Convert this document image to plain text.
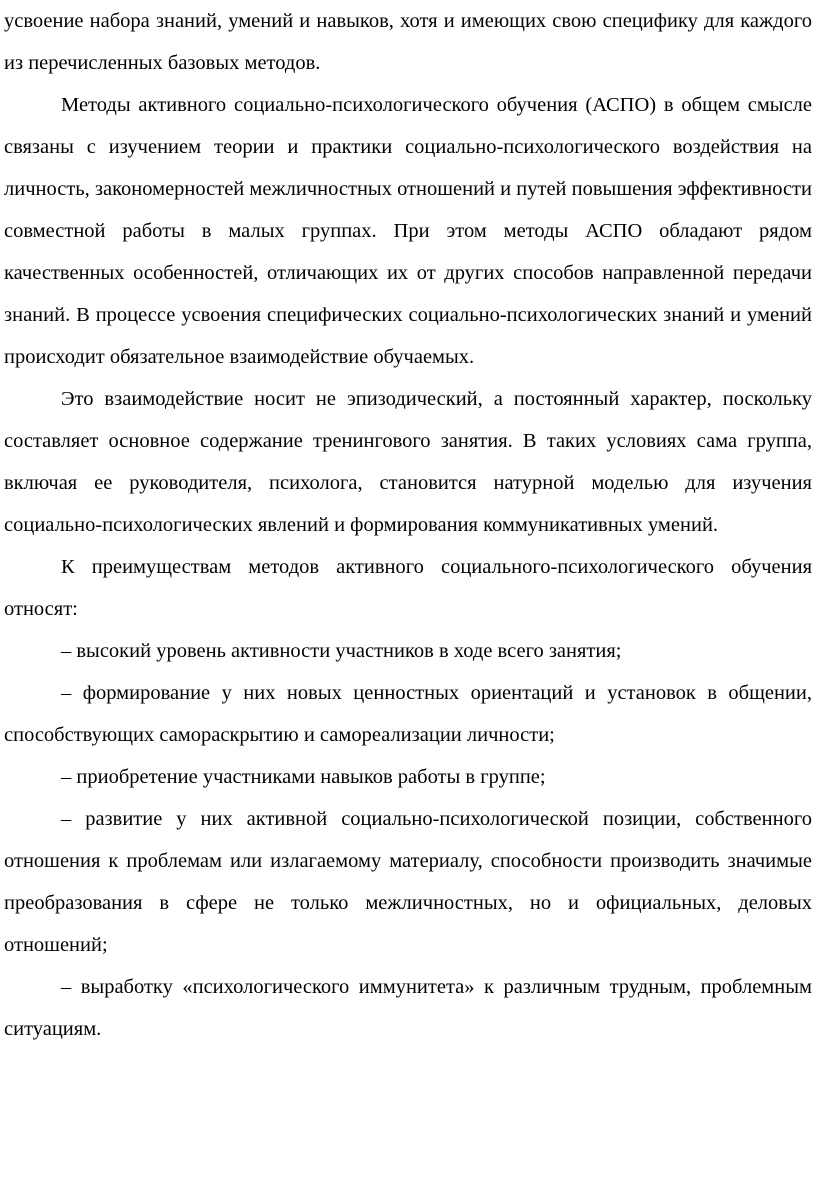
усвоение набора знаний, умений и навыков, хотя и имеющих свою специфику для каждого из перечисленных базовых методов.

Методы активного социально-психологического обучения (АСПО) в общем смысле связаны с изучением теории и практики социально-психологического воздействия на личность, закономерностей межличностных отношений и путей повышения эффективности совместной работы в малых группах. При этом методы АСПО обладают рядом качественных особенностей, отличающих их от других способов направленной передачи знаний. В процессе усвоения специфических социально-психологических знаний и умений происходит обязательное взаимодействие обучаемых.

Это взаимодействие носит не эпизодический, а постоянный характер, поскольку составляет основное содержание тренингового занятия. В таких условиях сама группа, включая ее руководителя, психолога, становится натурной моделью для изучения социально-психологических явлений и формирования коммуникативных умений.

К преимуществам методов активного социального-психологического обучения относят:

– высокий уровень активности участников в ходе всего занятия;

– формирование у них новых ценностных ориентаций и установок в общении, способствующих самораскрытию и самореализации личности;

– приобретение участниками навыков работы в группе;

– развитие у них активной социально-психологической позиции, собственного отношения к проблемам или излагаемому материалу, способности производить значимые преобразования в сфере не только межличностных, но и официальных, деловых отношений;

– выработку «психологического иммунитета» к различным трудным, проблемным ситуациям.
